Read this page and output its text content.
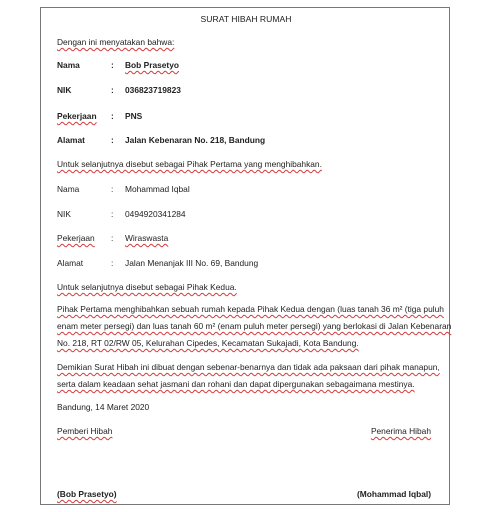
SURAT HIBAH RUMAH
Dengan ini menyatakan bahwa:
Nama	: Bob Prasetyo
NIK	: 036823719823
Pekerjaan : PNS
Alamat	: Jalan Kebenaran No. 218, Bandung
Untuk selanjutnya disebut sebagai Pihak Pertama yang menghibahkan.
Nama	: Mohammad Iqbal
NIK	: 0494920341284
Pekerjaan : Wiraswasta
Alamat	: Jalan Menanjak III No. 69, Bandung
Untuk selanjutnya disebut sebagai Pihak Kedua.
Pihak Pertama menghibahkan sebuah rumah kepada Pihak Kedua dengan (luas tanah 36 m² (tiga puluh
enam meter persegi) dan luas tanah 60 m² (enam puluh meter persegi) yang berlokasi di Jalan Kebenaran
No. 218, RT 02/RW 05, Kelurahan Cipedes, Kecamatan Sukajadi, Kota Bandung.
Demikian Surat Hibah ini dibuat dengan sebenar-benarnya dan tidak ada paksaan dari pihak manapun,
serta dalam keadaan sehat jasmani dan rohani dan dapat dipergunakan sebagaimana mestinya.
Bandung, 14 Maret 2020
Pemberi Hibah	Penerima Hibah
(Bob Prasetyo)	(Mohammad Iqbal)
